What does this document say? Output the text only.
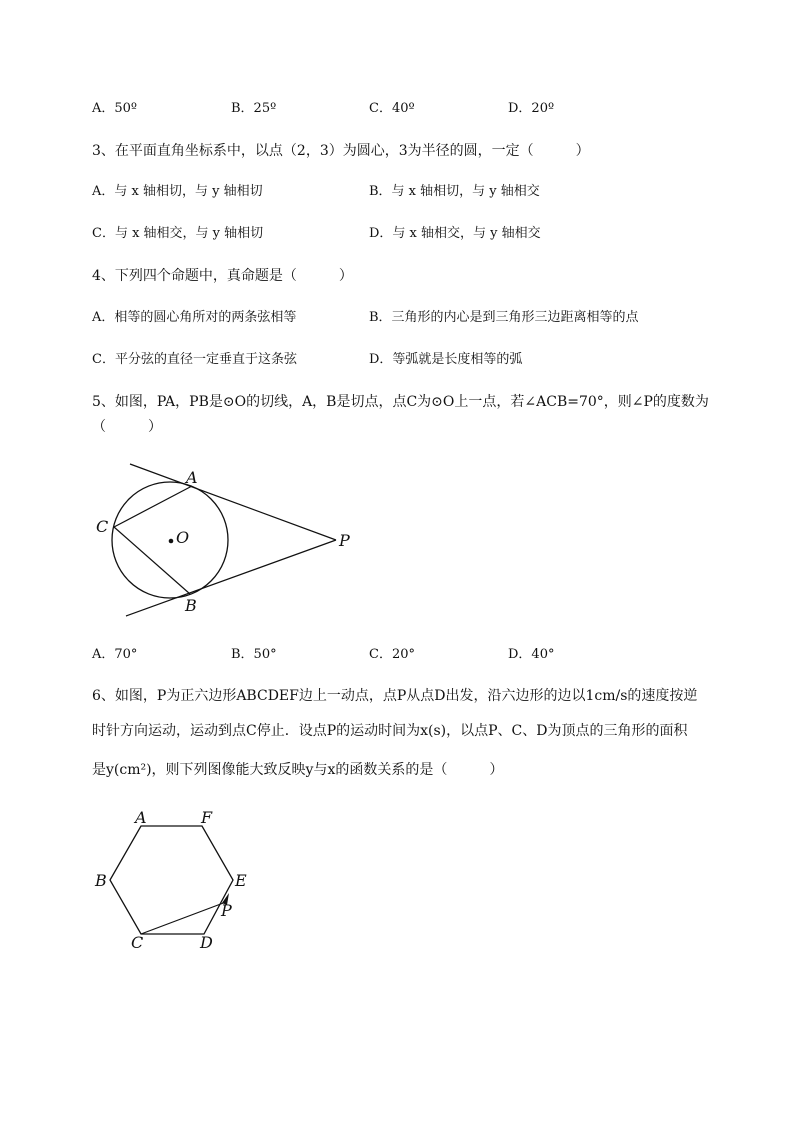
A．50º	B．25º	C．40º	D．20º
3、在平面直角坐标系中，以点（2，3）为圆心，3为半径的圆，一定（　　　）
A．与 x 轴相切，与 y 轴相切	B．与 x 轴相切，与 y 轴相交
C．与 x 轴相交，与 y 轴相切	D．与 x 轴相交，与 y 轴相交
4、下列四个命题中，真命题是（　　　）
A．相等的圆心角所对的两条弦相等	B．三角形的内心是到三角形三边距离相等的点
C．平分弦的直径一定垂直于这条弦	D．等弧就是长度相等的弧
5、如图，PA，PB是⊙O的切线，A，B是切点，点C为⊙O上一点，若∠ACB=70°，则∠P的度数为
（　　　）
A
O
C
P
B
A．70°	B．50°	C．20°	D．40°
6、如图，P为正六边形ABCDEF边上一动点，点P从点D出发，沿六边形的边以1cm/s的速度按逆
时针方向运动，运动到点C停止．设点P的运动时间为x(s)，以点P、C、D为顶点的三角形的面积
是y(cm²)，则下列图像能大致反映y与x的函数关系的是（　　　）
A	F
B	E
P
C	D
